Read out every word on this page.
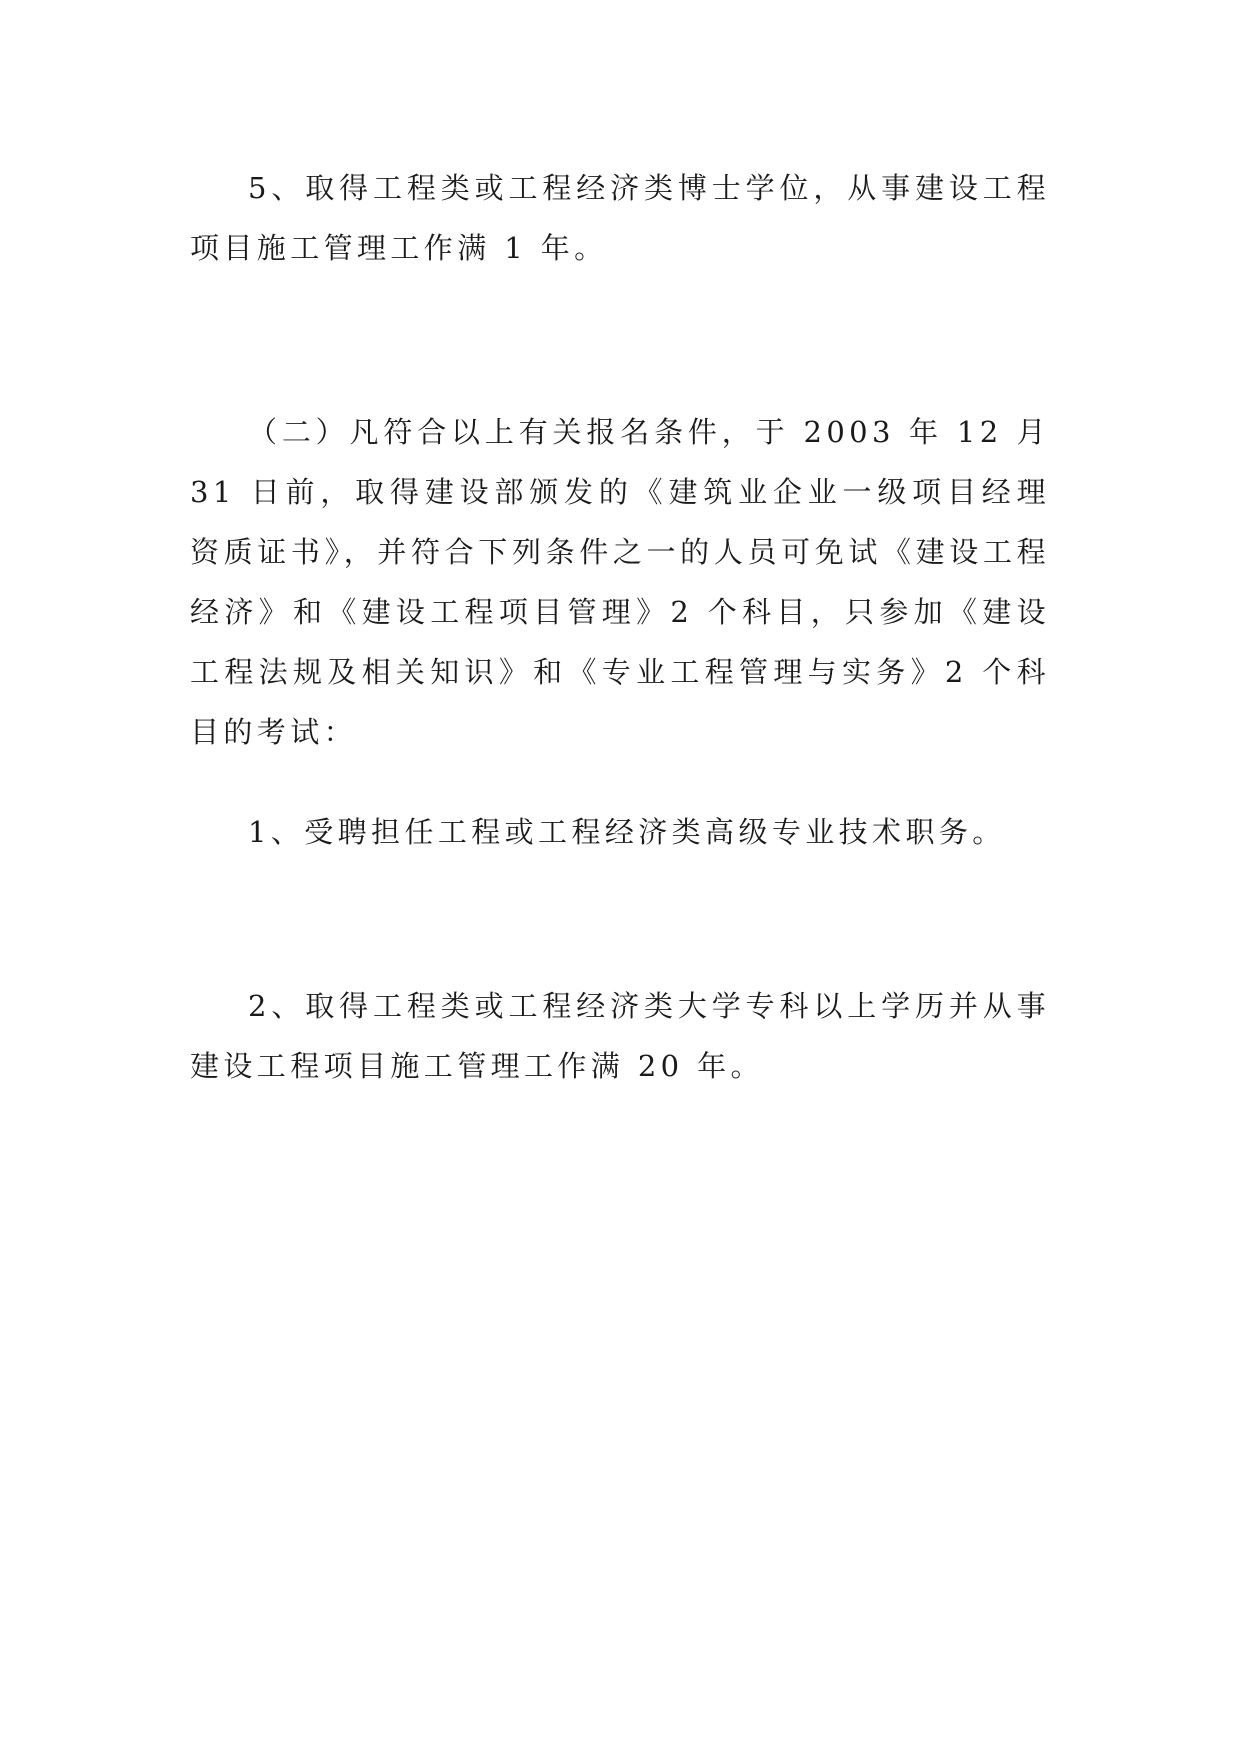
5、取得工程类或工程经济类博士学位，从事建设工程项目施工管理工作满 1 年。

（二）凡符合以上有关报名条件，于 2003 年 12 月 31 日前，取得建设部颁发的《建筑业企业一级项目经理资质证书》，并符合下列条件之一的人员可免试《建设工程经济》和《建设工程项目管理》2 个科目，只参加《建设工程法规及相关知识》和《专业工程管理与实务》2 个科目的考试：

1、受聘担任工程或工程经济类高级专业技术职务。

2、取得工程类或工程经济类大学专科以上学历并从事建设工程项目施工管理工作满 20 年。
